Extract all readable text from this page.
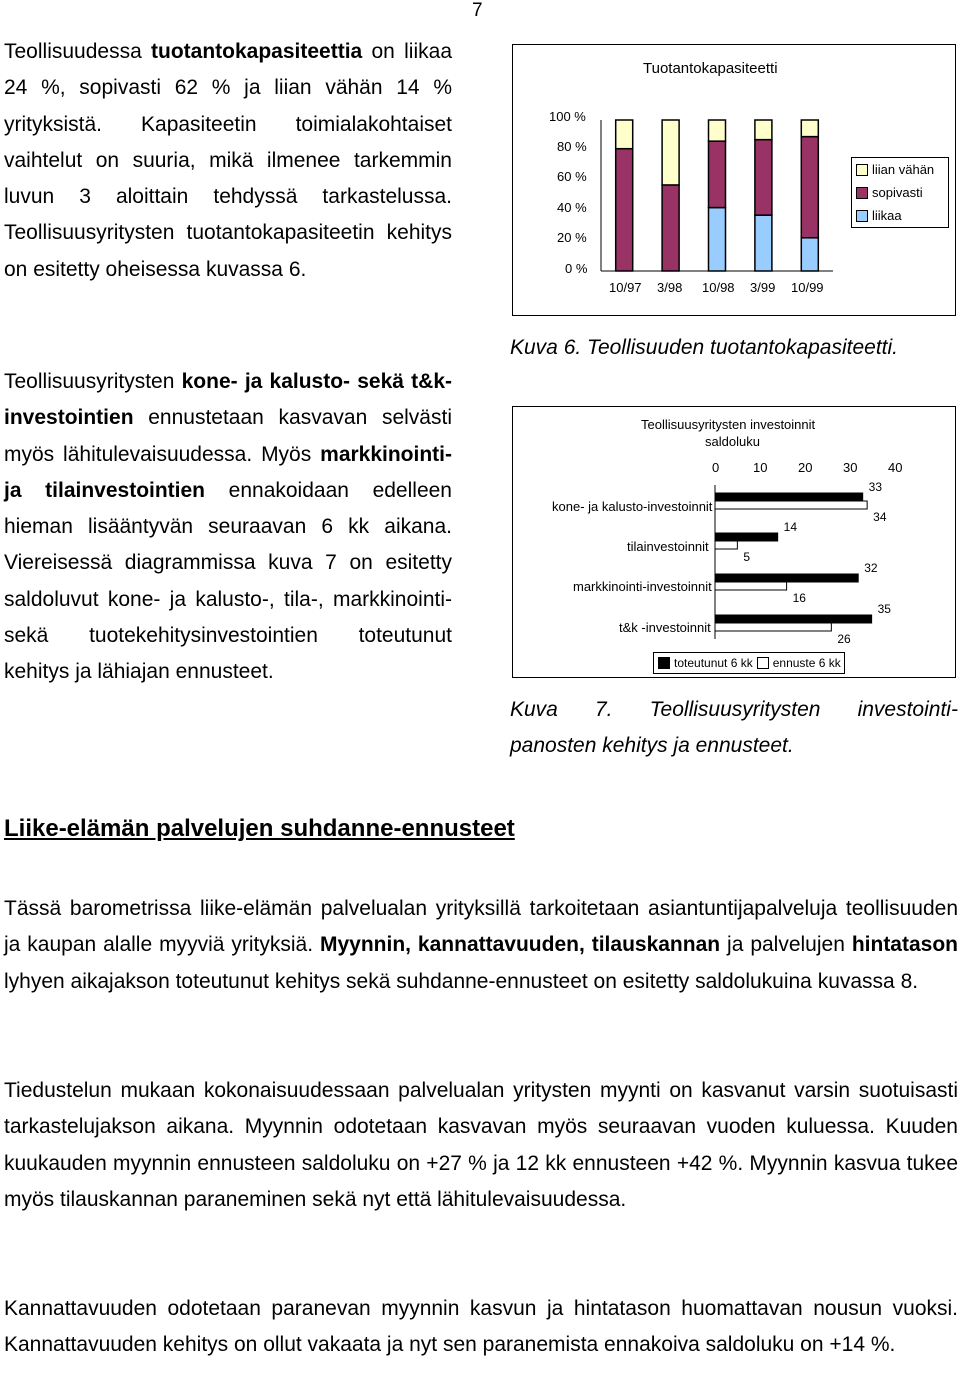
7

Teollisuudessa tuotantokapasiteettia on liikaa 24 %, sopivasti 62 % ja liian vähän 14 % yrityksistä. Kapasiteetin toimialakohtaiset vaihtelut on suuria, mikä ilmenee tarkemmin luvun 3 aloittain tehdyssä tarkastelussa. Teollisuusyritysten tuotantokapasiteetin kehitys on esitetty oheisessa kuvassa 6.

Teollisuusyritysten kone- ja kalusto- sekä t&k-investointien ennustetaan kasvavan selvästi myös lähitulevaisuudessa. Myös markkinointi- ja tilainvestointien ennakoidaan edelleen hieman lisääntyvän seuraavan 6 kk aikana. Viereisessä diagrammissa kuva 7 on esitetty saldoluvut kone- ja kalusto-, tila-, markkinointi- sekä tuotekehitysinvestointien toteutunut kehitys ja lähiajan ennusteet.

Tuotantokapasiteetti
100 %
80 %
60 %
40 %
20 %
0 %
10/97 3/98 10/98 3/99 10/99
liian vähän
sopivasti
liikaa
Kuva 6. Teollisuuden tuotantokapasiteetti.
Teollisuusyritysten investoinnit
saldoluku
0	10 20 30 40
kone- ja kalusto-investoinnit
tilainvestoinnit
markkinointi-investoinnit
t&k -investoinnit
33
34
14
5
32
16
35
26
toteutunut 6 kk ennuste 6 kk
Kuva 7. Teollisuusyritysten investointi-
panosten kehitys ja ennusteet.
Liike-elämän palvelujen suhdanne-ennusteet

Tässä barometrissa liike-elämän palvelualan yrityksillä tarkoitetaan asiantuntijapalveluja teollisuuden ja kaupan alalle myyviä yrityksiä. Myynnin, kannattavuuden, tilauskannan ja palvelujen hintatason lyhyen aikajakson toteutunut kehitys sekä suhdanne-ennusteet on esitetty saldolukuina kuvassa 8.

Tiedustelun mukaan kokonaisuudessaan palvelualan yritysten myynti on kasvanut varsin suotuisasti tarkastelujakson aikana. Myynnin odotetaan kasvavan myös seuraavan vuoden kuluessa. Kuuden kuukauden myynnin ennusteen saldoluku on +27 % ja 12 kk ennusteen +42 %. Myynnin kasvua tukee myös tilauskannan paraneminen sekä nyt että lähitulevaisuudessa.

Kannattavuuden odotetaan paranevan myynnin kasvun ja hintatason huomattavan nousun vuoksi. Kannattavuuden kehitys on ollut vakaata ja nyt sen paranemista ennakoiva saldoluku on +14 %.
